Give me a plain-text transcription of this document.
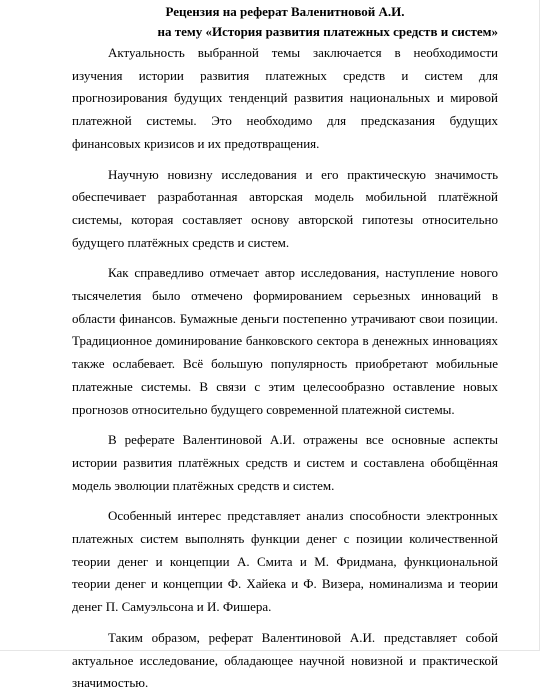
Рецензия на реферат Валенитновой А.И.
на тему «История развития платежных средств и систем»

Актуальность выбранной темы заключается в необходимости изучения истории развития платежных средств и систем для прогнозирования будущих тенденций развития национальных и мировой платежной системы. Это необходимо для предсказания будущих финансовых кризисов и их предотвращения.

Научную новизну исследования и его практическую значимость обеспечивает разработанная авторская модель мобильной платёжной системы, которая составляет основу авторской гипотезы относительно будущего платёжных средств и систем.

Как справедливо отмечает автор исследования, наступление нового тысячелетия было отмечено формированием серьезных инноваций в области финансов. Бумажные деньги постепенно утрачивают свои позиции. Традиционное доминирование банковского сектора в денежных инновациях также ослабевает. Всё большую популярность приобретают мобильные платежные системы. В связи с этим целесообразно оставление новых прогнозов относительно будущего современной платежной системы.

В реферате Валентиновой А.И. отражены все основные аспекты истории развития платёжных средств и систем и составлена обобщённая модель эволюции платёжных средств и систем.

Особенный интерес представляет анализ способности электронных платежных систем выполнять функции денег с позиции количественной теории денег и концепции А. Смита и М. Фридмана, функциональной теории денег и концепции Ф. Хайека и Ф. Визера, номинализма и теории денег П. Самуэльсона и И. Фишера.

Таким образом, реферат Валентиновой А.И. представляет собой актуальное исследование, обладающее научной новизной и практической значимостью.
